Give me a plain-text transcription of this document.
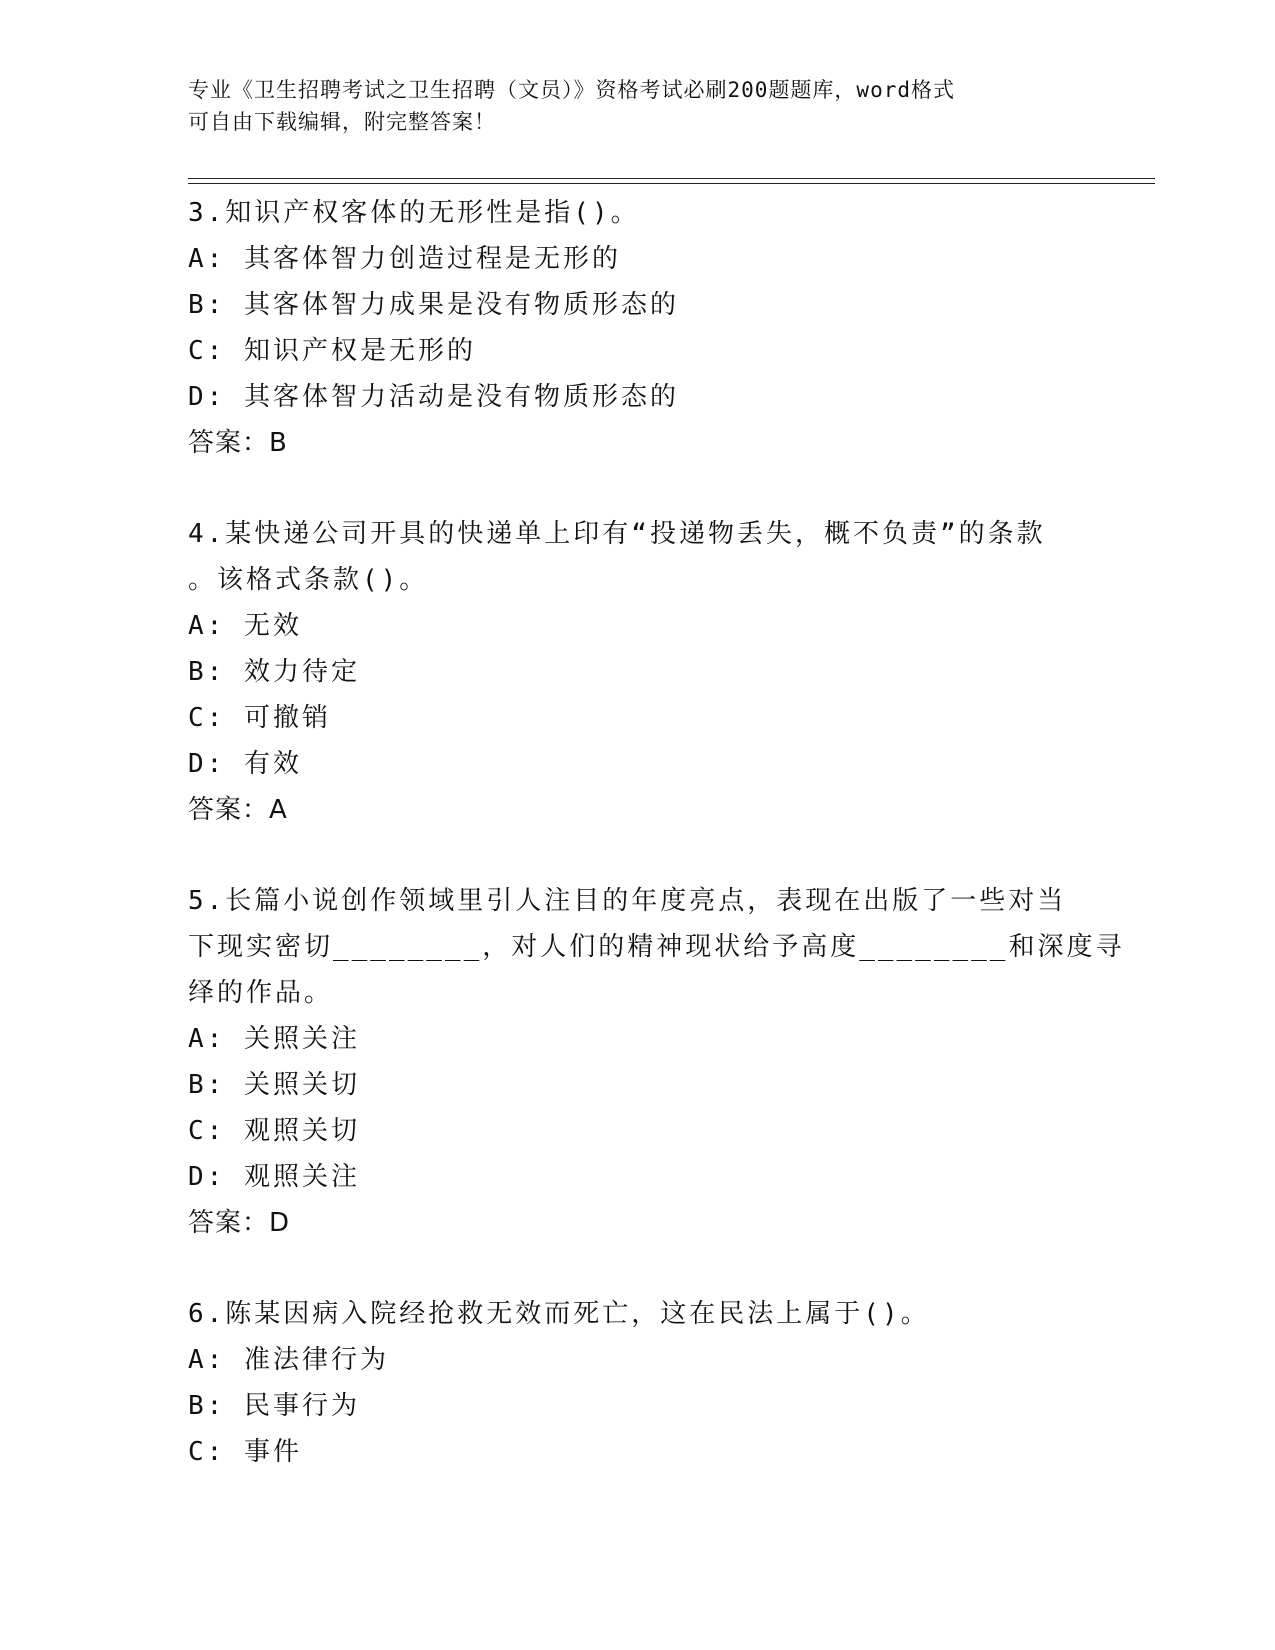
专业《卫生招聘考试之卫生招聘（文员）》资格考试必刷200题题库，word格式
可自由下载编辑，附完整答案！
3.知识产权客体的无形性是指()。
A: 其客体智力创造过程是无形的
B: 其客体智力成果是没有物质形态的
C: 知识产权是无形的
D: 其客体智力活动是没有物质形态的
答案：B
4.某快递公司开具的快递单上印有“投递物丢失，概不负责”的条款
。该格式条款()。
A: 无效
B: 效力待定
C: 可撤销
D: 有效
答案：A
5.长篇小说创作领域里引人注目的年度亮点，表现在出版了一些对当
下现实密切________，对人们的精神现状给予高度________和深度寻
绎的作品。
A: 关照关注
B: 关照关切
C: 观照关切
D: 观照关注
答案：D
6.陈某因病入院经抢救无效而死亡，这在民法上属于()。
A: 准法律行为
B: 民事行为
C: 事件
